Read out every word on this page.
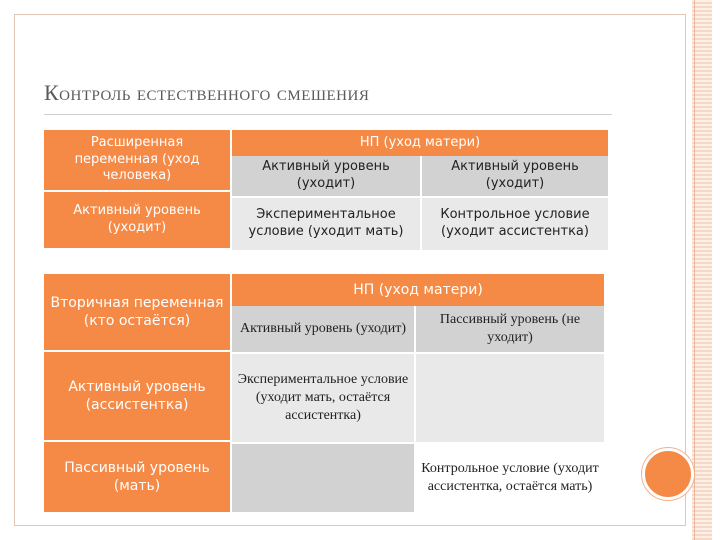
Контроль естественного смешения
Расширенная переменная (уход человека)
НП (уход матери)
Активный уровень (уходит)
Активный уровень (уходит)
Активный уровень (уходит)
Экспериментальное условие (уходит мать)
Контрольное условие (уходит ассистентка)
Вторичная переменная (кто остаётся)
НП (уход матери)
Активный уровень (уходит)
Пассивный уровень (не уходит)
Активный уровень (ассистентка)
Экспериментальное условие (уходит мать, остаётся ассистентка)
Пассивный уровень (мать)
Контрольное условие (уходит ассистентка, остаётся мать)
